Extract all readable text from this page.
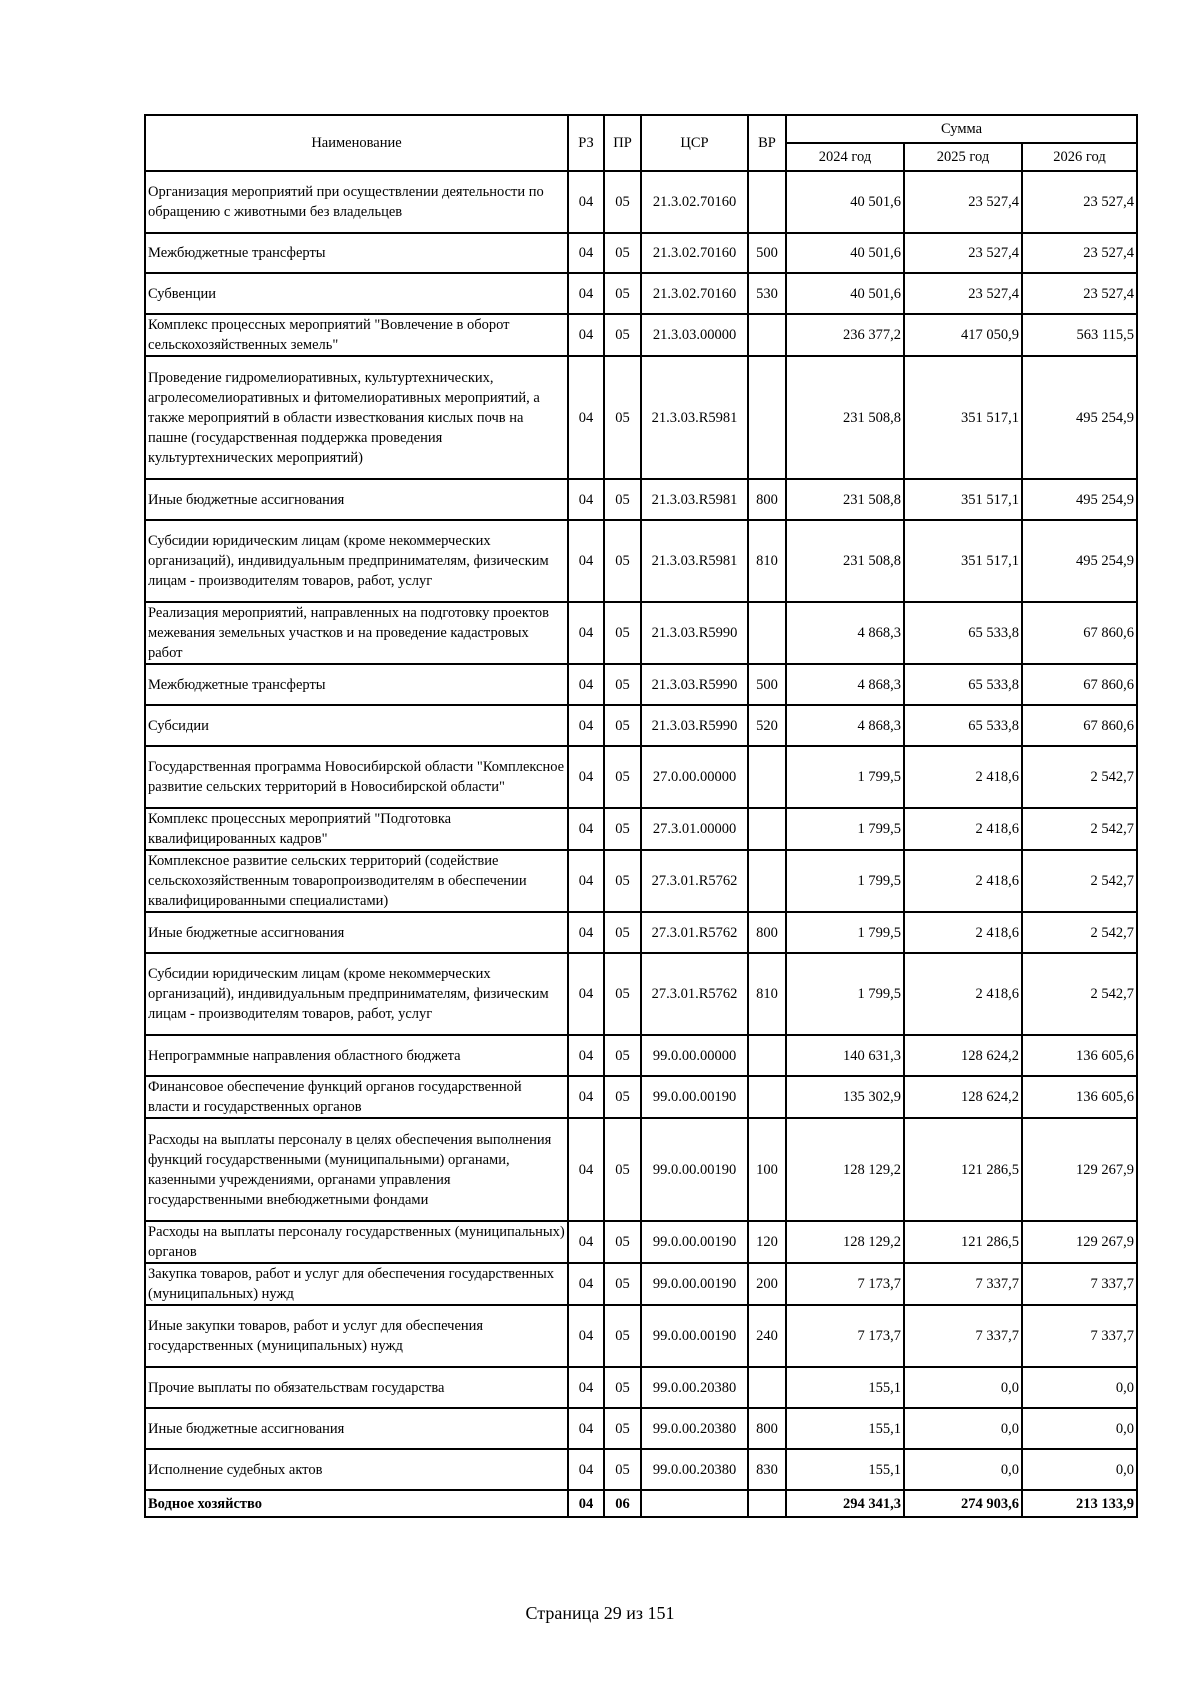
Наименование	РЗ	ПР	ЦСР	ВР	Сумма		
					2024 год	2025 год	2026 год
Организация мероприятий при осуществлении деятельности по обращению с животными без владельцев	04	05	21.3.02.70160		40 501,6	23 527,4	23 527,4
Межбюджетные трансферты	04	05	21.3.02.70160	500	40 501,6	23 527,4	23 527,4
Субвенции	04	05	21.3.02.70160	530	40 501,6	23 527,4	23 527,4
Комплекс процессных мероприятий "Вовлечение в оборот сельскохозяйственных земель"	04	05	21.3.03.00000		236 377,2	417 050,9	563 115,5
Проведение гидромелиоративных, культуртехнических, агролесомелиоративных и фитомелиоративных мероприятий, а также мероприятий в области известкования кислых почв на пашне (государственная поддержка проведения культуртехнических мероприятий)	04	05	21.3.03.R5981		231 508,8	351 517,1	495 254,9
Иные бюджетные ассигнования	04	05	21.3.03.R5981	800	231 508,8	351 517,1	495 254,9
Субсидии юридическим лицам (кроме некоммерческих организаций), индивидуальным предпринимателям, физическим лицам - производителям товаров, работ, услуг	04	05	21.3.03.R5981	810	231 508,8	351 517,1	495 254,9
Реализация мероприятий, направленных на подготовку проектов межевания земельных участков и на проведение кадастровых работ	04	05	21.3.03.R5990		4 868,3	65 533,8	67 860,6
Межбюджетные трансферты	04	05	21.3.03.R5990	500	4 868,3	65 533,8	67 860,6
Субсидии	04	05	21.3.03.R5990	520	4 868,3	65 533,8	67 860,6
Государственная программа Новосибирской области "Комплексное развитие сельских территорий в Новосибирской области"	04	05	27.0.00.00000		1 799,5	2 418,6	2 542,7
Комплекс процессных мероприятий "Подготовка квалифицированных кадров"	04	05	27.3.01.00000		1 799,5	2 418,6	2 542,7
Комплексное развитие сельских территорий (содействие сельскохозяйственным товаропроизводителям в обеспечении квалифицированными специалистами)	04	05	27.3.01.R5762		1 799,5	2 418,6	2 542,7
Иные бюджетные ассигнования	04	05	27.3.01.R5762	800	1 799,5	2 418,6	2 542,7
Субсидии юридическим лицам (кроме некоммерческих организаций), индивидуальным предпринимателям, физическим лицам - производителям товаров, работ, услуг	04	05	27.3.01.R5762	810	1 799,5	2 418,6	2 542,7
Непрограммные направления областного бюджета	04	05	99.0.00.00000		140 631,3	128 624,2	136 605,6
Финансовое обеспечение функций органов государственной власти и государственных органов	04	05	99.0.00.00190		135 302,9	128 624,2	136 605,6
Расходы на выплаты персоналу в целях обеспечения выполнения функций государственными (муниципальными) органами, казенными учреждениями, органами управления государственными внебюджетными фондами	04	05	99.0.00.00190	100	128 129,2	121 286,5	129 267,9
Расходы на выплаты персоналу государственных (муниципальных) органов	04	05	99.0.00.00190	120	128 129,2	121 286,5	129 267,9
Закупка товаров, работ и услуг для обеспечения государственных (муниципальных) нужд	04	05	99.0.00.00190	200	7 173,7	7 337,7	7 337,7
Иные закупки товаров, работ и услуг для обеспечения государственных (муниципальных) нужд	04	05	99.0.00.00190	240	7 173,7	7 337,7	7 337,7
Прочие выплаты по обязательствам государства	04	05	99.0.00.20380		155,1	0,0	0,0
Иные бюджетные ассигнования	04	05	99.0.00.20380	800	155,1	0,0	0,0
Исполнение судебных актов	04	05	99.0.00.20380	830	155,1	0,0	0,0
Водное хозяйство	04	06			294 341,3	274 903,6	213 133,9
Страница 29 из 151
